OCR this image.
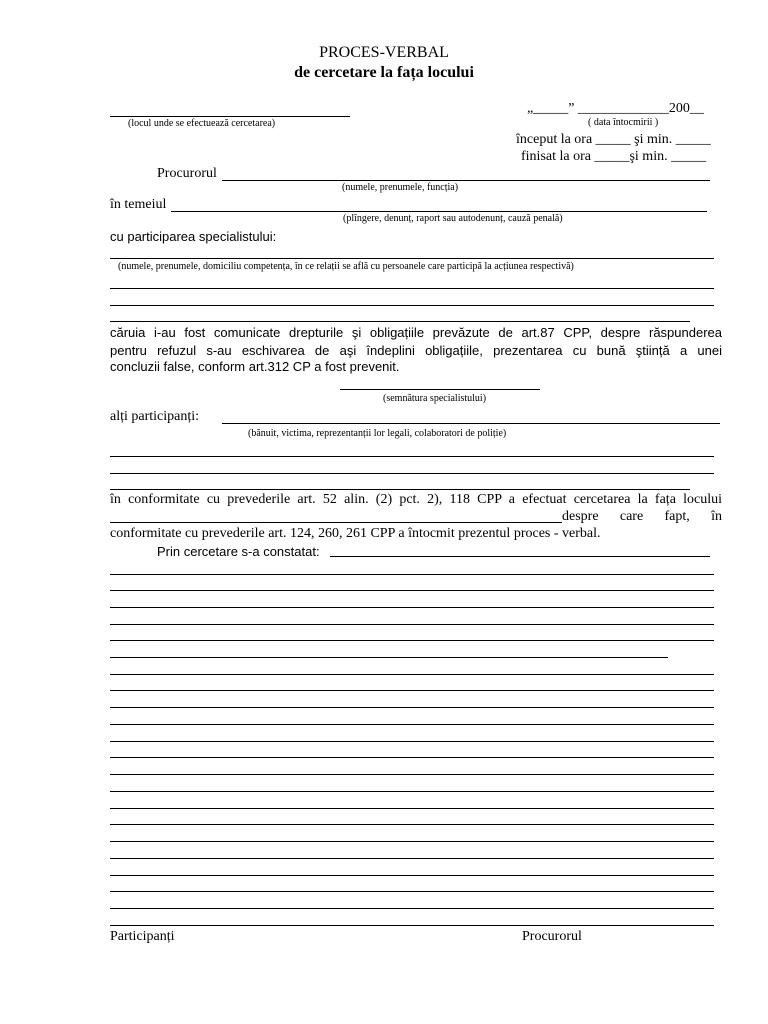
PROCES-VERBAL
de cercetare la fața locului
(locul unde se efectuează cercetarea)
„_____” _____________200__
( data întocmirii )
început la ora _____ şi min. _____
finisat la ora _____şi min. _____
Procurorul
(numele, prenumele, funcția)
în temeiul
(plîngere, denunț, raport sau autodenunț, cauză penală)
cu participarea specialistului:
(numele, prenumele, domiciliu competența, în ce relații se află cu persoanele care participă la acțiunea respectivă)
căruia i-au fost comunicate drepturile şi obligațiile prevăzute de art.87 CPP, despre răspunderea
pentru refuzul s-au eschivarea de aşi îndeplini obligațiile, prezentarea cu bună ştiință a unei
concluzii false, conform art.312 CP a fost prevenit.
(semnătura specialistului)
alți participanți:
(bănuit, victima, reprezentanții lor legali, colaboratori de poliție)
în conformitate cu prevederile art. 52 alin. (2) pct. 2), 118 CPP a efectuat cercetarea la fața locului
despre care fapt, în
conformitate cu prevederile art. 124, 260, 261 CPP a întocmit prezentul proces - verbal.
Prin cercetare s-a constatat:
Participanți	Procurorul
